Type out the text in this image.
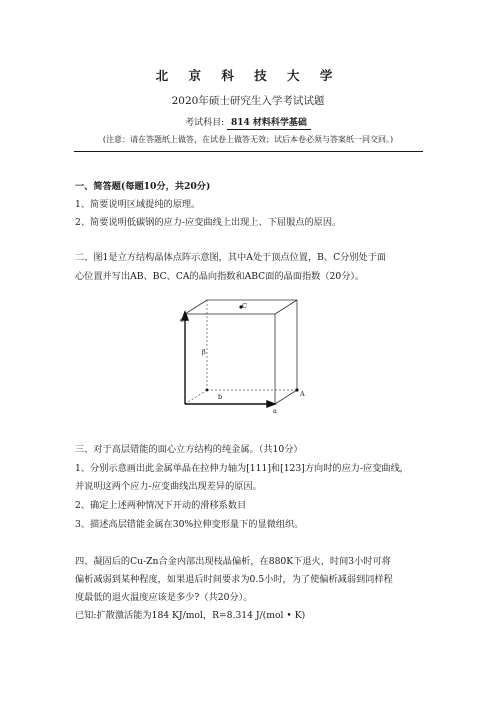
北 京 科 技 大 学
2020年硕士研究生入学考试试题
考试科目: 814 材料科学基础
(注意：请在答题纸上做答，在试卷上做答无效；试后本卷必须与答案纸一同交回。)
一、简答题(每题10分，共20分)
1、简要说明区域提纯的原理。
2、简要说明低碳钢的应力-应变曲线上出现上、下屈服点的原因。
二、图1是立方结构晶体点阵示意图，其中A处于顶点位置，B、C分别处于面
心位置并写出AB、BC、CA的晶向指数和ABC面的晶面指数（20分）。
c
C
β
b
a
A
三、对于高层错能的面心立方结构的纯金属。（共10分）
1、分别示意画出此金属单晶在拉伸力轴为[111]和[123]方向时的应力-应变曲线,
并说明这两个应力-应变曲线出现差异的原因。
2、确定上述两种情况下开动的滑移系数目
3、描述高层错能金属在30%拉伸变形量下的显微组织。
四、凝固后的Cu-Zn合金内部出现枝晶偏析，在880K下退火，时间3小时可将
偏析减弱到某种程度，如果退后时间要求为0.5小时，为了使偏析减弱到同样程
度最低的退火温度应该是多少?（共20分）。
已知:扩散激活能为184 KJ/mol，R=8.314 J/(mol • K)
